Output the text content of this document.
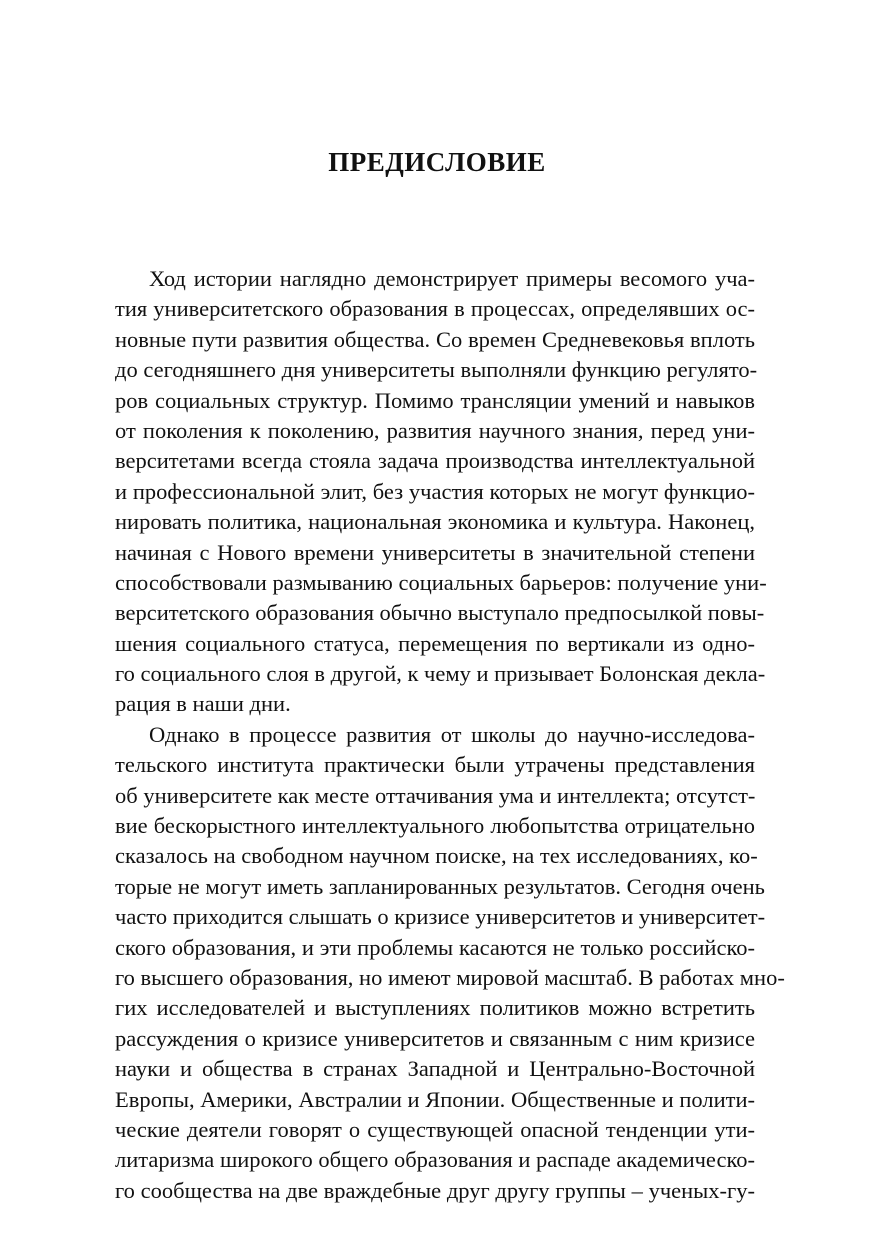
ПРЕДИСЛОВИЕ
Ход истории наглядно демонстрирует примеры весомого уча-
тия университетского образования в процессах, определявших ос-
новные пути развития общества. Со времен Средневековья вплоть
до сегодняшнего дня университеты выполняли функцию регулято-
ров социальных структур. Помимо трансляции умений и навыков
от поколения к поколению, развития научного знания, перед уни-
верситетами всегда стояла задача производства интеллектуальной
и профессиональной элит, без участия которых не могут функцио-
нировать политика, национальная экономика и культура. Наконец,
начиная с Нового времени университеты в значительной степени
способствовали размыванию социальных барьеров: получение уни-
верситетского образования обычно выступало предпосылкой повы-
шения социального статуса, перемещения по вертикали из одно-
го социального слоя в другой, к чему и призывает Болонская декла-
рация в наши дни.
Однако в процессе развития от школы до научно-исследова-
тельского института практически были утрачены представления
об университете как месте оттачивания ума и интеллекта; отсутст-
вие бескорыстного интеллектуального любопытства отрицательно
сказалось на свободном научном поиске, на тех исследованиях, ко-
торые не могут иметь запланированных результатов. Сегодня очень
часто приходится слышать о кризисе университетов и университет-
ского образования, и эти проблемы касаются не только российско-
го высшего образования, но имеют мировой масштаб. В работах мно-
гих исследователей и выступлениях политиков можно встретить
рассуждения о кризисе университетов и связанным с ним кризисе
науки и общества в странах Западной и Центрально-Восточной
Европы, Америки, Австралии и Японии. Общественные и полити-
ческие деятели говорят о существующей опасной тенденции ути-
литаризма широкого общего образования и распаде академическо-
го сообщества на две враждебные друг другу группы – ученых-гу-
